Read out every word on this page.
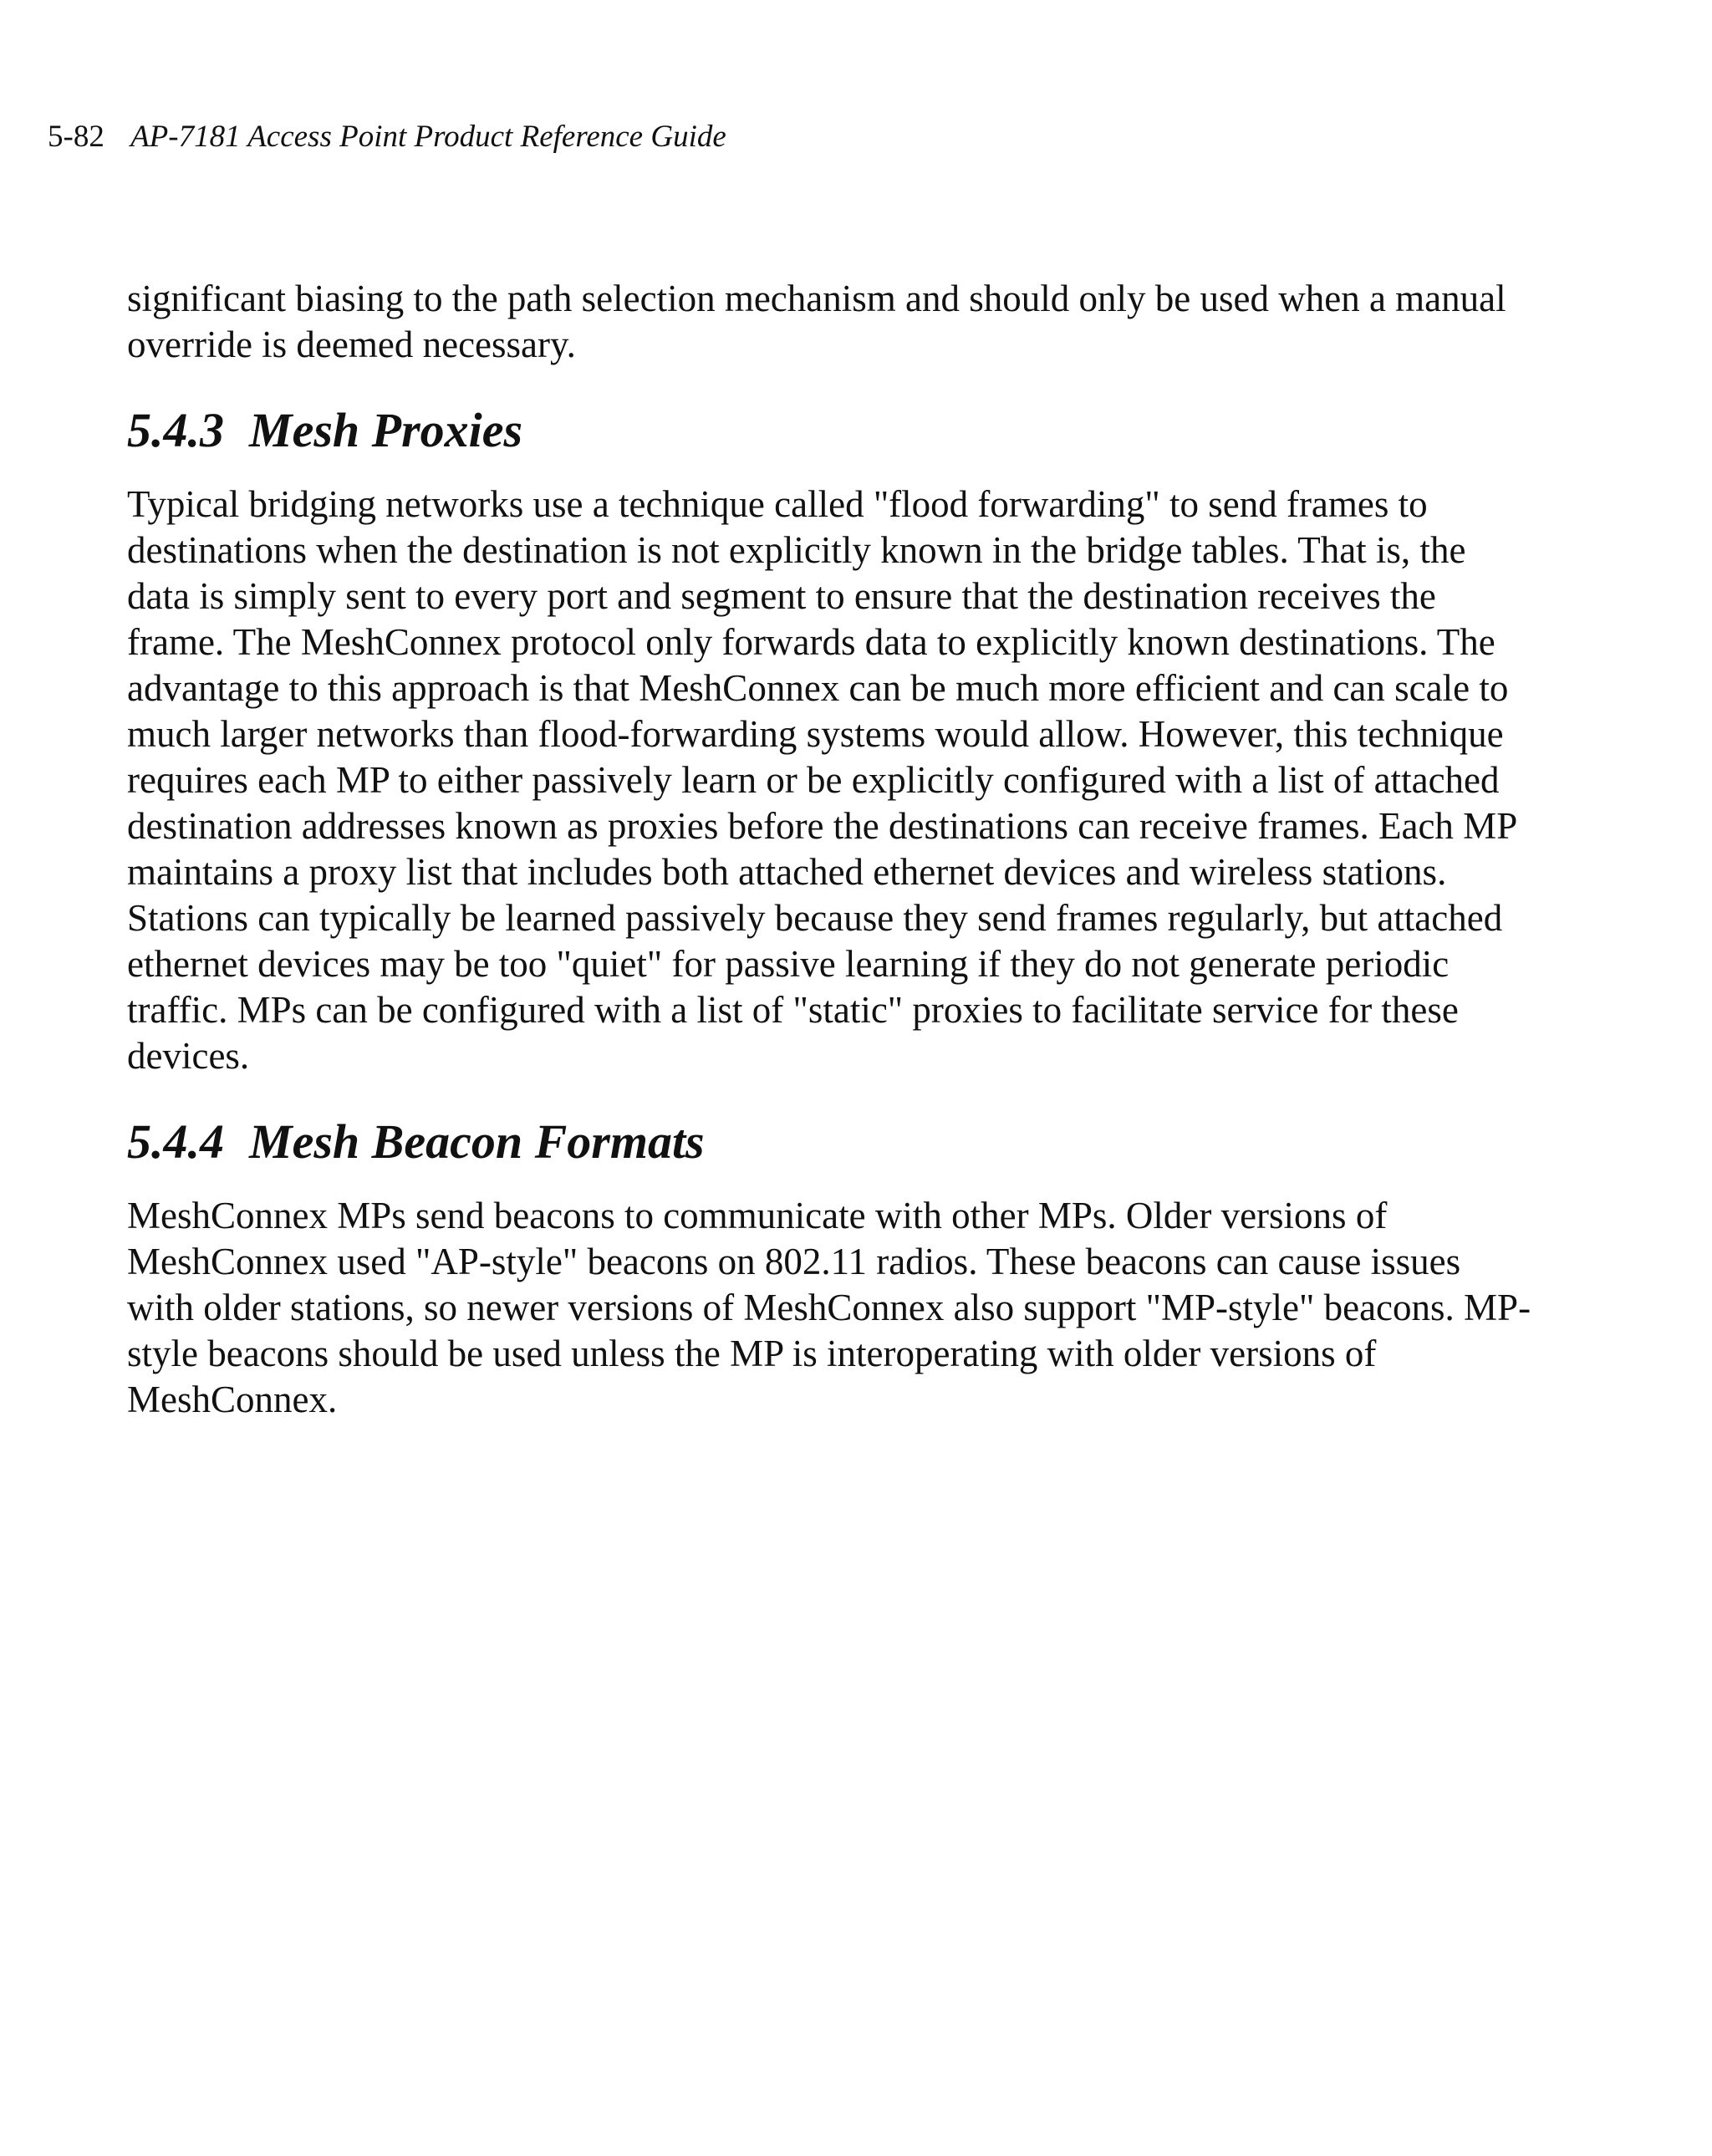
5-82 AP-7181 Access Point Product Reference Guide

significant biasing to the path selection mechanism and should only be used when a manual override is deemed necessary.

5.4.3 Mesh Proxies

Typical bridging networks use a technique called "flood forwarding" to send frames to destinations when the destination is not explicitly known in the bridge tables. That is, the data is simply sent to every port and segment to ensure that the destination receives the frame. The MeshConnex protocol only forwards data to explicitly known destinations. The advantage to this approach is that MeshConnex can be much more efficient and can scale to much larger networks than flood-forwarding systems would allow. However, this technique requires each MP to either passively learn or be explicitly configured with a list of attached destination addresses known as proxies before the destinations can receive frames. Each MP maintains a proxy list that includes both attached ethernet devices and wireless stations. Stations can typically be learned passively because they send frames regularly, but attached ethernet devices may be too "quiet" for passive learning if they do not generate periodic traffic. MPs can be configured with a list of "static" proxies to facilitate service for these devices.

5.4.4 Mesh Beacon Formats

MeshConnex MPs send beacons to communicate with other MPs. Older versions of MeshConnex used "AP-style" beacons on 802.11 radios. These beacons can cause issues with older stations, so newer versions of MeshConnex also support "MP-style" beacons. MP-style beacons should be used unless the MP is interoperating with older versions of MeshConnex.
